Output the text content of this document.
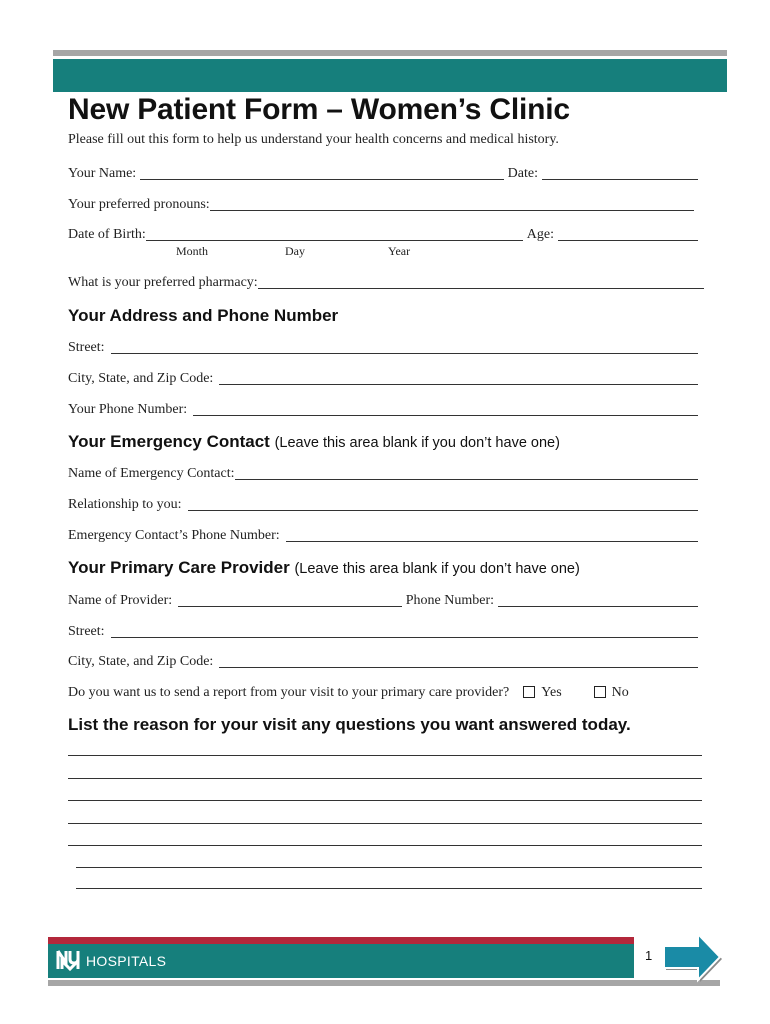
New Patient Form – Women’s Clinic
Please fill out this form to help us understand your health concerns and medical history.
Your Name:	Date:
Your preferred pronouns:
Date of Birth:	Age:
Month	Day	Year
What is your preferred pharmacy:
Your Address and Phone Number
Street:
City, State, and Zip Code:
Your Phone Number:
Your Emergency Contact (Leave this area blank if you don’t have one)
Name of Emergency Contact:
Relationship to you:
Emergency Contact’s Phone Number:
Your Primary Care Provider (Leave this area blank if you don’t have one)
Name of Provider:	Phone Number:
Street:
City, State, and Zip Code:
Do you want us to send a report from your visit to your primary care provider?	Yes	No
List the reason for your visit any questions you want answered today.
HOSPITALS	1
